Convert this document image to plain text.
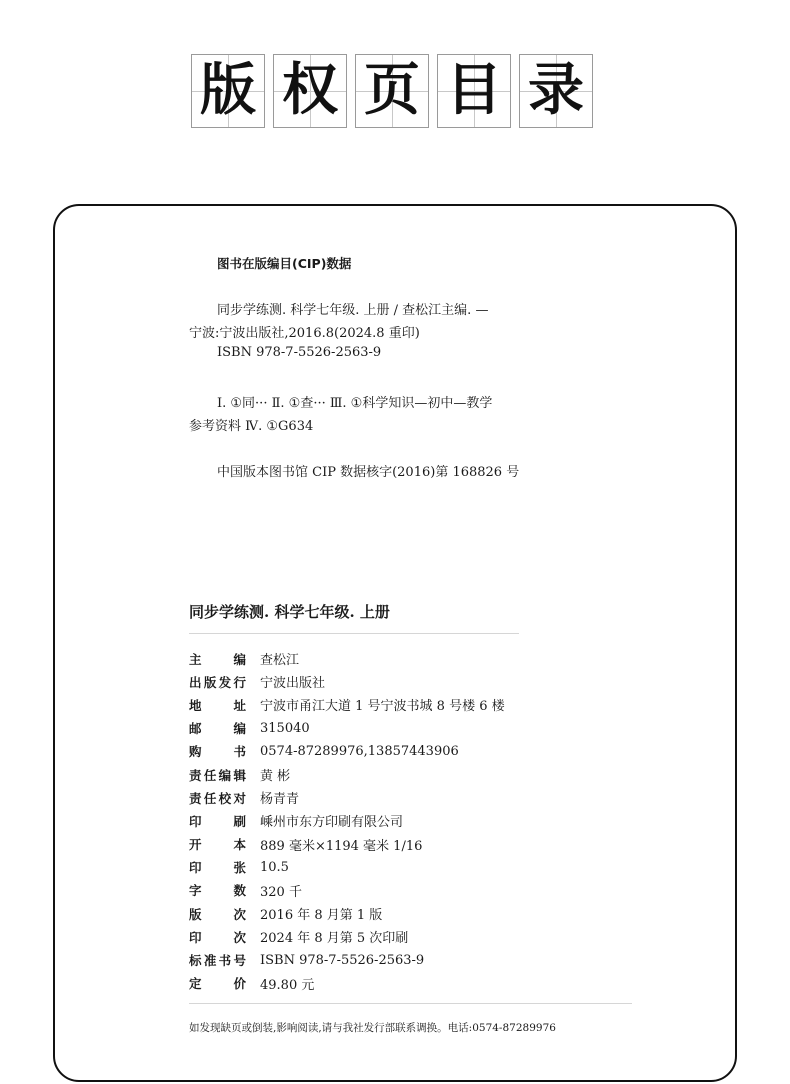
版 权 页 目 录
图书在版编目(CIP)数据
同步学练测. 科学七年级. 上册 / 查松江主编. —
宁波:宁波出版社,2016.8(2024.8 重印)
ISBN 978-7-5526-2563-9
Ⅰ. ①同··· Ⅱ. ①查··· Ⅲ. ①科学知识—初中—教学
参考资料 Ⅳ. ①G634
中国版本图书馆 CIP 数据核字(2016)第 168826 号
同步学练测. 科学七年级. 上册
主编 查松江
出版发行 宁波出版社
地址 宁波市甬江大道 1 号宁波书城 8 号楼 6 楼
邮编 315040
购书 0574-87289976,13857443906
责任编辑 黄 彬
责任校对 杨青青
印刷 嵊州市东方印刷有限公司
开本 889 毫米×1194 毫米 1/16
印张 10.5
字数 320 千
版次 2016 年 8 月第 1 版
印次 2024 年 8 月第 5 次印刷
标准书号 ISBN 978-7-5526-2563-9
定价 49.80 元
如发现缺页或倒装,影响阅读,请与我社发行部联系调换。电话:0574-87289976
